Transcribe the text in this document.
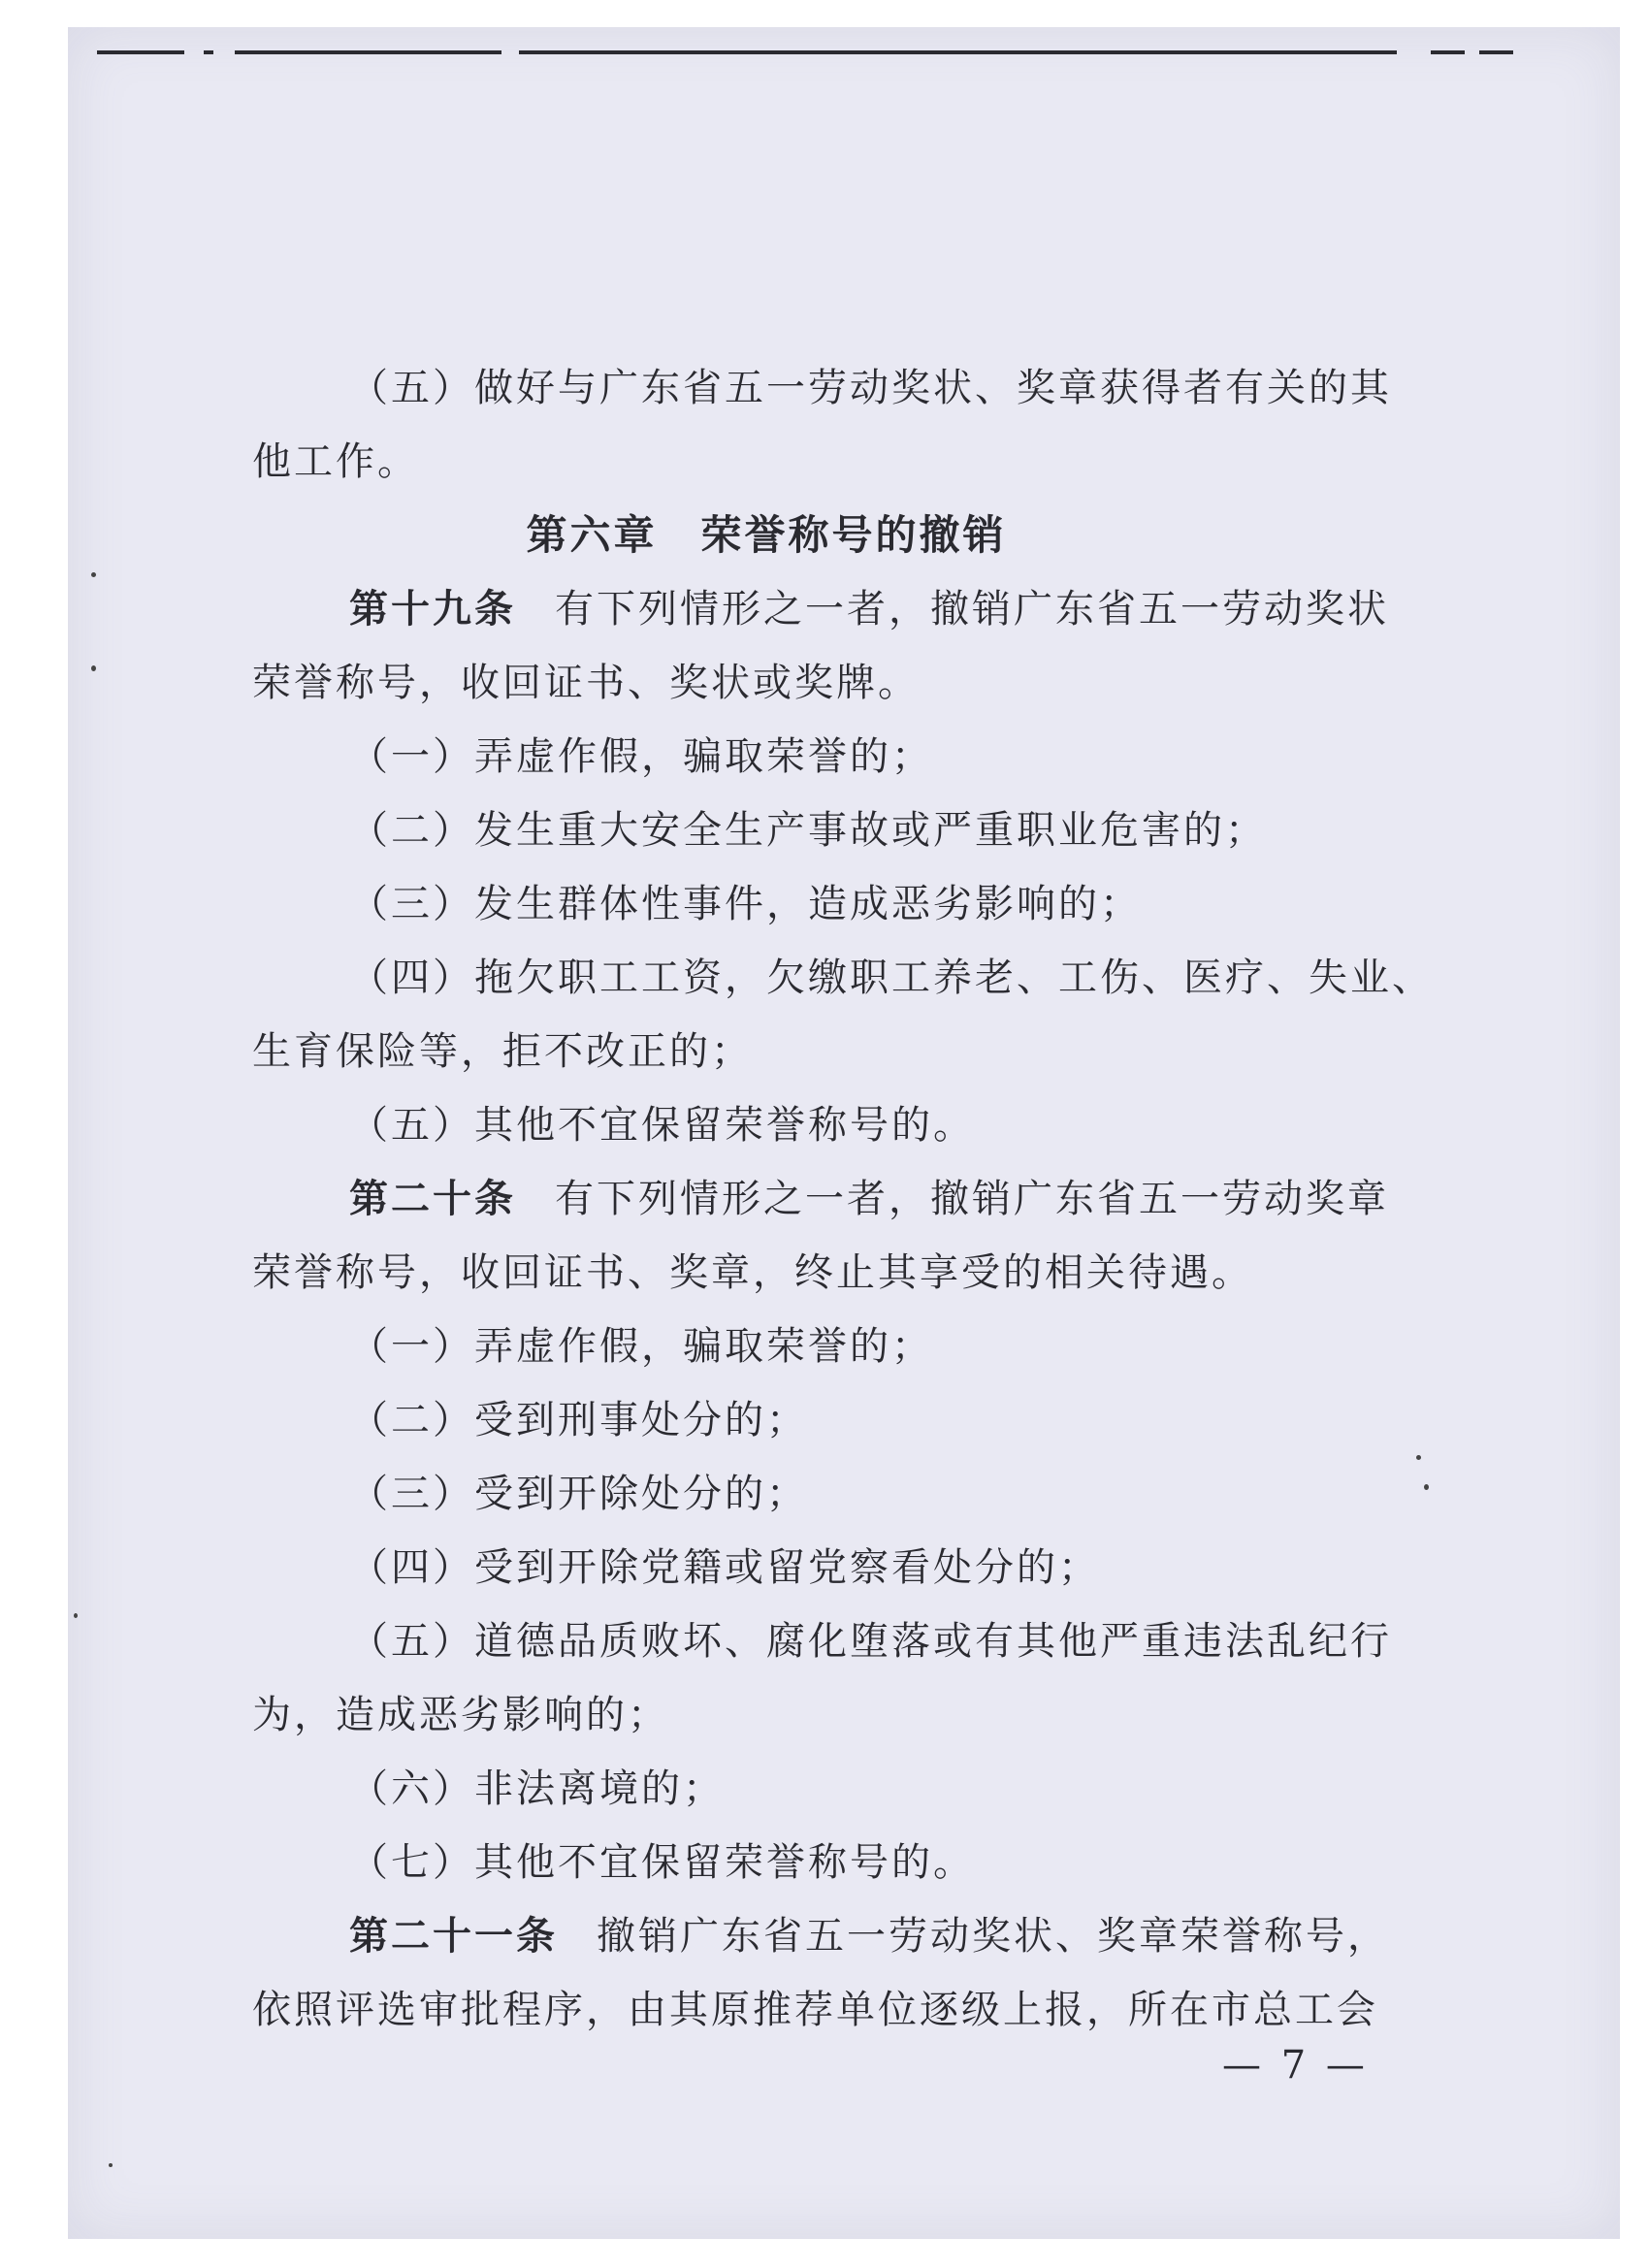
（五）做好与广东省五一劳动奖状、奖章获得者有关的其
他工作。
第六章　荣誉称号的撤销
第十九条 有下列情形之一者，撤销广东省五一劳动奖状
荣誉称号，收回证书、奖状或奖牌。
（一）弄虚作假，骗取荣誉的；
（二）发生重大安全生产事故或严重职业危害的；
（三）发生群体性事件，造成恶劣影响的；
（四）拖欠职工工资，欠缴职工养老、工伤、医疗、失业、
生育保险等，拒不改正的；
（五）其他不宜保留荣誉称号的。
第二十条 有下列情形之一者，撤销广东省五一劳动奖章
荣誉称号，收回证书、奖章，终止其享受的相关待遇。
（一）弄虚作假，骗取荣誉的；
（二）受到刑事处分的；
（三）受到开除处分的；
（四）受到开除党籍或留党察看处分的；
（五）道德品质败坏、腐化堕落或有其他严重违法乱纪行
为，造成恶劣影响的；
（六）非法离境的；
（七）其他不宜保留荣誉称号的。
第二十一条 撤销广东省五一劳动奖状、奖章荣誉称号，
依照评选审批程序，由其原推荐单位逐级上报，所在市总工会
— 7 —
